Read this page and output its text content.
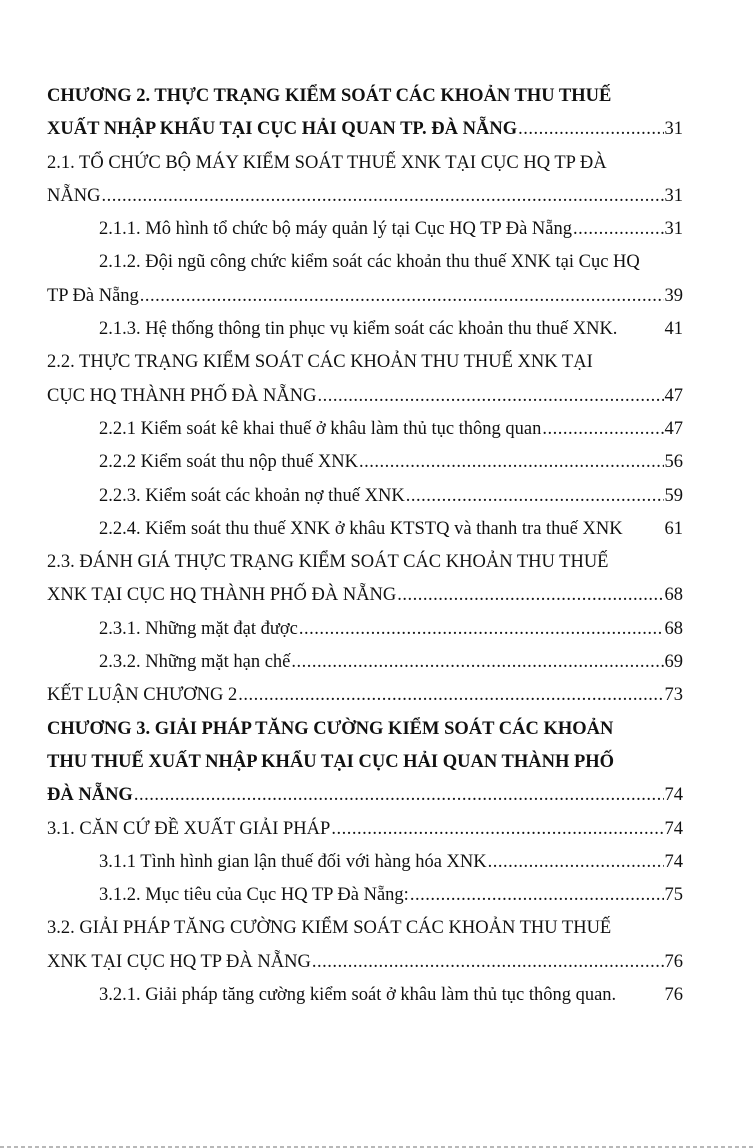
CHƯƠNG 2. THỰC TRẠNG KIỂM SOÁT CÁC KHOẢN THU THUẾ
XUẤT NHẬP KHẨU TẠI CỤC HẢI QUAN TP. ĐÀ NẴNG .....	31
2.1. TỔ CHỨC BỘ MÁY KIỂM SOÁT THUẾ XNK TẠI CỤC HQ TP ĐÀ
NẴNG .....	31
2.1.1. Mô hình tổ chức bộ máy quản lý tại Cục HQ TP Đà Nẵng .....	31
2.1.2. Đội ngũ công chức kiểm soát các khoản thu thuế XNK tại Cục HQ
TP Đà Nẵng .....	39
2.1.3. Hệ thống thông tin phục vụ kiểm soát các khoản thu thuế XNK.	41
2.2. THỰC TRẠNG KIỂM SOÁT CÁC KHOẢN THU THUẾ XNK TẠI
CỤC HQ THÀNH PHỐ ĐÀ NẴNG .....	47
2.2.1 Kiểm soát kê khai thuế ở khâu làm thủ tục thông quan .....	47
2.2.2 Kiểm soát thu nộp thuế XNK .....	56
2.2.3. Kiểm soát các khoản nợ thuế XNK .....	59
2.2.4. Kiểm soát thu thuế XNK ở khâu KTSTQ và thanh tra thuế XNK	61
2.3. ĐÁNH GIÁ THỰC TRẠNG KIỂM SOÁT CÁC KHOẢN THU THUẾ
XNK TẠI CỤC HQ THÀNH PHỐ ĐÀ NẴNG .....	68
2.3.1. Những mặt đạt được .....	68
2.3.2. Những mặt hạn chế .....	69
KẾT LUẬN CHƯƠNG 2 .....	73
CHƯƠNG 3. GIẢI PHÁP TĂNG CƯỜNG KIỂM SOÁT CÁC KHOẢN
THU THUẾ XUẤT NHẬP KHẨU TẠI CỤC HẢI QUAN THÀNH PHỐ
ĐÀ NẴNG .....	74
3.1. CĂN CỨ ĐỀ XUẤT GIẢI PHÁP .....	74
3.1.1 Tình hình gian lận thuế đối với hàng hóa XNK .....	74
3.1.2. Mục tiêu của Cục HQ TP Đà Nẵng: .....	75
3.2. GIẢI PHÁP TĂNG CƯỜNG KIỂM SOÁT CÁC KHOẢN THU THUẾ
XNK TẠI CỤC HQ TP ĐÀ NẴNG .....	76
3.2.1. Giải pháp tăng cường kiểm soát ở khâu làm thủ tục thông quan.	76
